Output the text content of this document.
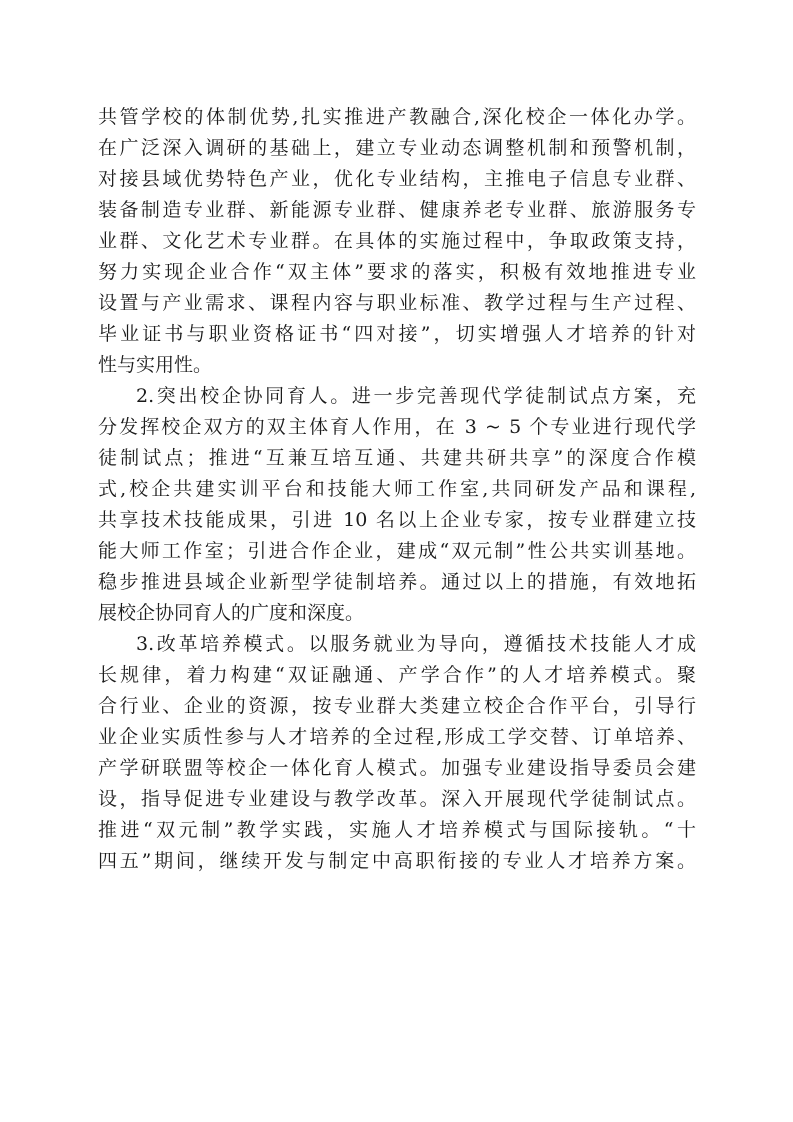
共管学校的体制优势,扎实推进产教融合,深化校企一体化办学。
在广泛深入调研的基础上，建立专业动态调整机制和预警机制，
对接县域优势特色产业，优化专业结构，主推电子信息专业群、
装备制造专业群、新能源专业群、健康养老专业群、旅游服务专
业群、文化艺术专业群。在具体的实施过程中，争取政策支持，
努力实现企业合作“双主体”要求的落实，积极有效地推进专业
设置与产业需求、课程内容与职业标准、教学过程与生产过程、
毕业证书与职业资格证书“四对接”，切实增强人才培养的针对
性与实用性。
2.突出校企协同育人。进一步完善现代学徒制试点方案，充
分发挥校企双方的双主体育人作用，在 3 ~ 5 个专业进行现代学
徒制试点；推进“互兼互培互通、共建共研共享”的深度合作模
式,校企共建实训平台和技能大师工作室,共同研发产品和课程,
共享技术技能成果，引进 10 名以上企业专家，按专业群建立技
能大师工作室；引进合作企业，建成“双元制”性公共实训基地。
稳步推进县域企业新型学徒制培养。通过以上的措施，有效地拓
展校企协同育人的广度和深度。
3.改革培养模式。以服务就业为导向，遵循技术技能人才成
长规律，着力构建“双证融通、产学合作”的人才培养模式。聚
合行业、企业的资源，按专业群大类建立校企合作平台，引导行
业企业实质性参与人才培养的全过程,形成工学交替、订单培养、
产学研联盟等校企一体化育人模式。加强专业建设指导委员会建
设，指导促进专业建设与教学改革。深入开展现代学徒制试点。
推进“双元制”教学实践，实施人才培养模式与国际接轨。“十
四五”期间，继续开发与制定中高职衔接的专业人才培养方案。
